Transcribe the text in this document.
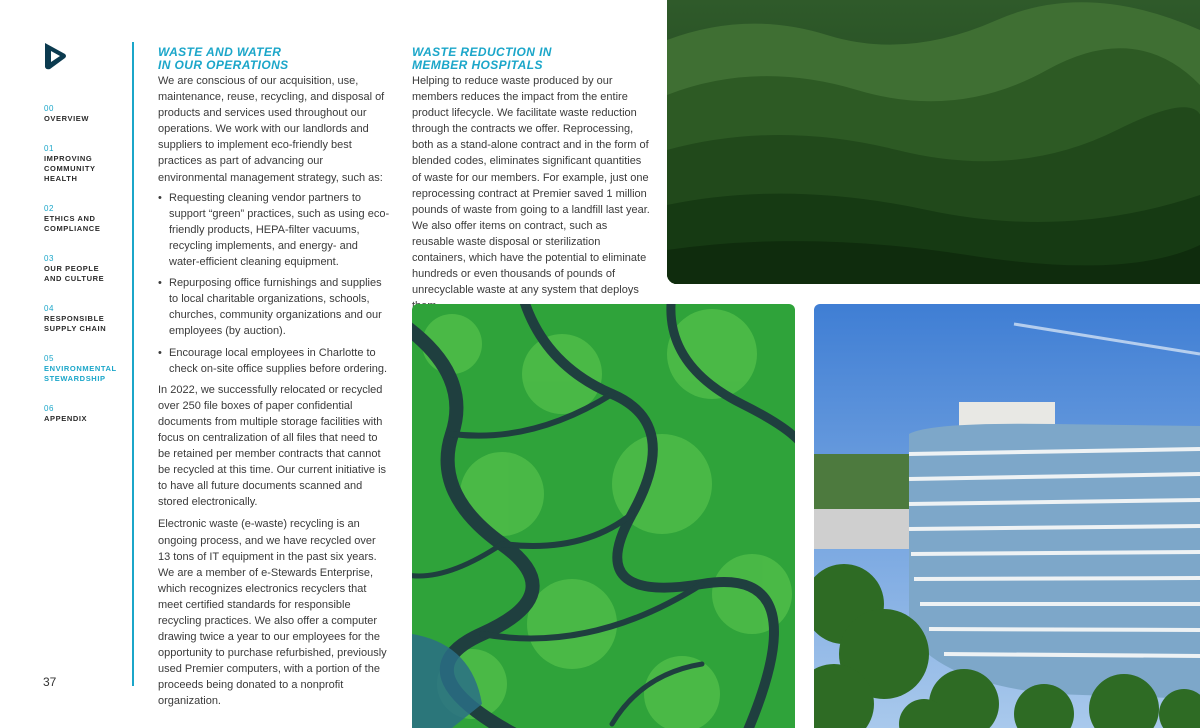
00
OVERVIEW
01
IMPROVING
COMMUNITY
HEALTH
02
ETHICS AND
COMPLIANCE
03
OUR PEOPLE
AND CULTURE
04
RESPONSIBLE
SUPPLY CHAIN
05
ENVIRONMENTAL
STEWARDSHIP
06
APPENDIX
37
WASTE AND WATER
IN OUR OPERATIONS

We are conscious of our acquisition, use, maintenance, reuse, recycling, and disposal of products and services used throughout our operations. We work with our landlords and suppliers to implement eco-friendly best practices as part of advancing our environmental management strategy, such as:

• Requesting cleaning vendor partners to support “green” practices, such as using eco-friendly products, HEPA-filter vacuums, recycling implements, and energy- and water-efficient cleaning equipment.
• Repurposing office furnishings and supplies to local charitable organizations, schools, churches, community organizations and our employees (by auction).
• Encourage local employees in Charlotte to check on-site office supplies before ordering.

In 2022, we successfully relocated or recycled over 250 file boxes of paper confidential documents from multiple storage facilities with focus on centralization of all files that need to be retained per member contracts that cannot be recycled at this time. Our current initiative is to have all future documents scanned and stored electronically.

Electronic waste (e-waste) recycling is an ongoing process, and we have recycled over 13 tons of IT equipment in the past six years. We are a member of e-Stewards Enterprise, which recognizes electronics recyclers that meet certified standards for responsible recycling practices. We also offer a computer drawing twice a year to our employees for the opportunity to purchase refurbished, previously used Premier computers, with a portion of the proceeds being donated to a nonprofit organization.

WASTE REDUCTION IN
MEMBER HOSPITALS

Helping to reduce waste produced by our members reduces the impact from the entire product lifecycle. We facilitate waste reduction through the contracts we offer. Reprocessing, both as a stand-alone contract and in the form of blended codes, eliminates significant quantities of waste for our members. For example, just one reprocessing contract at Premier saved 1 million pounds of waste from going to a landfill last year. We also offer items on contract, such as reusable waste disposal or sterilization containers, which have the potential to eliminate hundreds or even thousands of pounds of unrecyclable waste at any system that deploys
